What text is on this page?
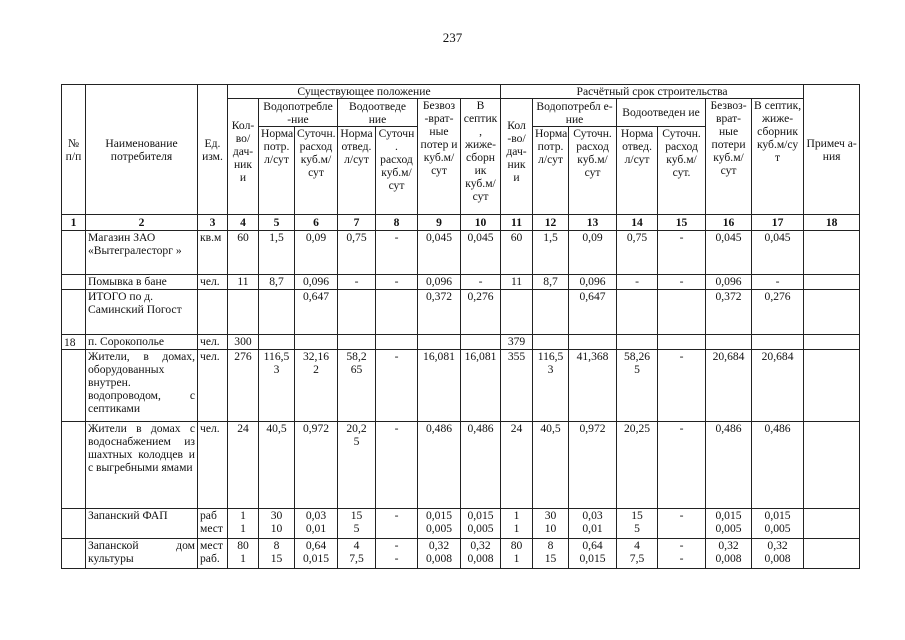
237
№ п/п	Наименование потребителя	Ед. изм.	Существующее положение							Расчётный срок строительства							Примеч а-ния
			Кол-во/ дач-ник и	Водопотребле -ние		Водоотведе ние		Безвоз -врат-ные потер и куб.м/ сут	В септик , жиже-сборн ик куб.м/ сут	Кол -во/ дач-ник и	Водопотребл е-ние		Водоотведен ие		Безвоз-врат-ные потери куб.м/ сут	В септик, жиже-сборник куб.м/су т	
				Норма потр. л/сут	Суточн. расход куб.м/ сут	Норма отвед. л/сут	Суточн . расход куб.м/ сут				Норма потр. л/сут	Суточн. расход куб.м/ сут	Норма отвед. л/сут	Суточн. расход куб.м/ сут.			

1	2	3	4	5	6	7	8	9	10	11	12	13	14	15	16	17	18
	Магазин ЗАО «Вытегралесторг »	кв.м	60	1,5	0,09	0,75	-	0,045	0,045	60	1,5	0,09	0,75	-	0,045	0,045	
	Помывка в бане	чел.	11	8,7	0,096	-	-	0,096	-	11	8,7	0,096	-	-	0,096	-	
	ИТОГО по д. Саминский Погост				0,647			0,372	0,276			0,647			0,372	0,276	
18	п. Сорокополье	чел.	300							379							
	Жители, в домах, оборудованных внутрен. водопроводом, с септиками	чел.	276	116,5 3	32,16 2	58,2 65	-	16,081	16,081	355	116,5 3	41,368	58,26 5	-	20,684	20,684	
	Жители в домах с водоснабжением из шахтных колодцев и с выгребными ямами	чел.	24	40,5	0,972	20,2 5	-	0,486	0,486	24	40,5	0,972	20,25	-	0,486	0,486	
	Запанский ФАП	раб мест	1 1	30 10	0,03 0,01	15 5	-	0,015 0,005	0,015 0,005	1 1	30 10	0,03 0,01	15 5	-	0,015 0,005	0,015 0,005	
	Запанской дом культуры	мест раб.	80 1	8 15	0,64 0,015	4 7,5	- -	0,32 0,008	0,32 0,008	80 1	8 15	0,64 0,015	4 7,5	- -	0,32 0,008	0,32 0,008	
